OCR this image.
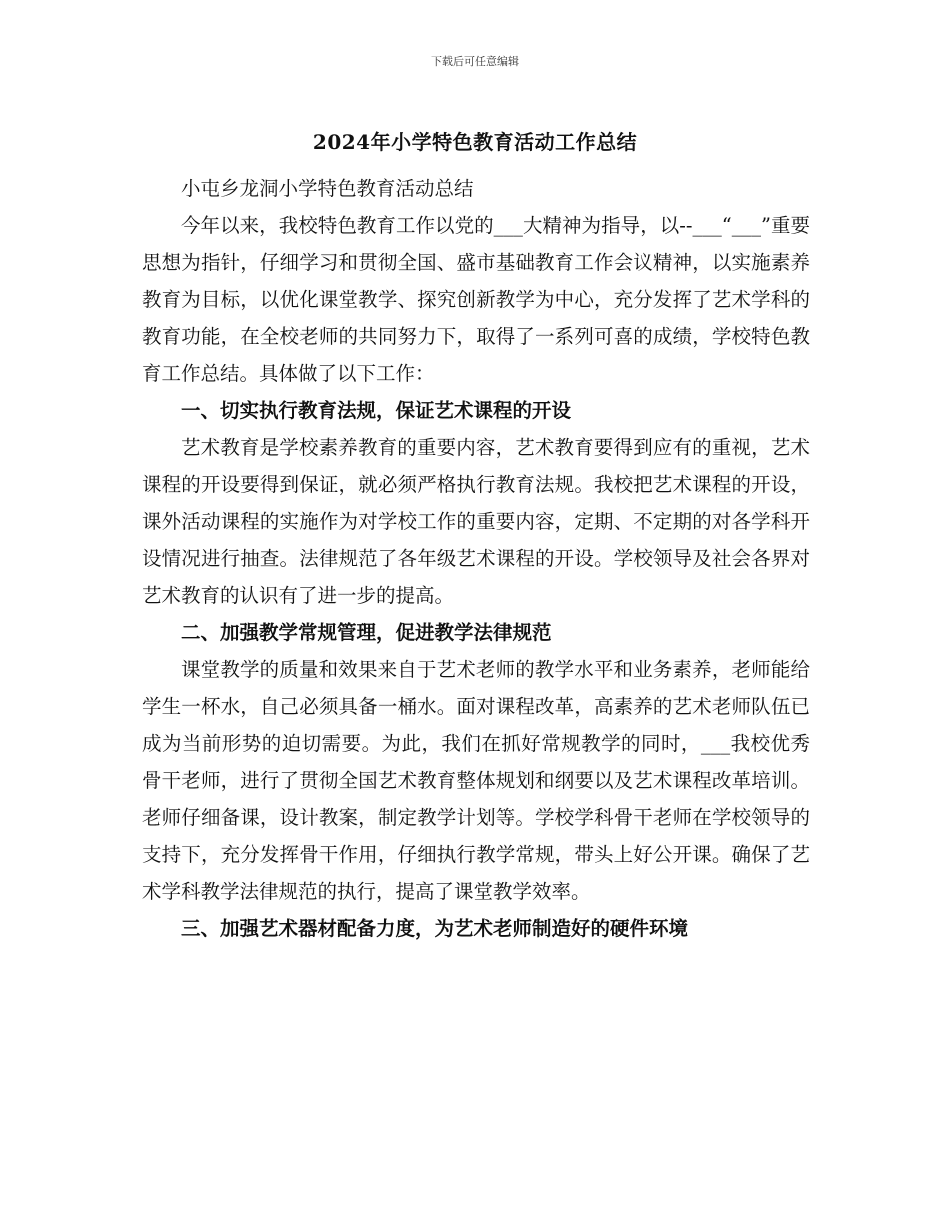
下载后可任意编辑
2024年小学特色教育活动工作总结

小屯乡龙洞小学特色教育活动总结

今年以来，我校特色教育工作以党的___大精神为指导，以--___“___”重要思想为指针，仔细学习和贯彻全国、盛市基础教育工作会议精神，以实施素养教育为目标，以优化课堂教学、探究创新教学为中心，充分发挥了艺术学科的教育功能，在全校老师的共同努力下，取得了一系列可喜的成绩，学校特色教育工作总结。具体做了以下工作：

一、切实执行教育法规，保证艺术课程的开设

艺术教育是学校素养教育的重要内容，艺术教育要得到应有的重视，艺术课程的开设要得到保证，就必须严格执行教育法规。我校把艺术课程的开设，课外活动课程的实施作为对学校工作的重要内容，定期、不定期的对各学科开设情况进行抽查。法律规范了各年级艺术课程的开设。学校领导及社会各界对艺术教育的认识有了进一步的提高。

二、加强教学常规管理，促进教学法律规范

课堂教学的质量和效果来自于艺术老师的教学水平和业务素养，老师能给学生一杯水，自己必须具备一桶水。面对课程改革，高素养的艺术老师队伍已成为当前形势的迫切需要。为此，我们在抓好常规教学的同时，___我校优秀骨干老师，进行了贯彻全国艺术教育整体规划和纲要以及艺术课程改革培训。老师仔细备课，设计教案，制定教学计划等。学校学科骨干老师在学校领导的支持下，充分发挥骨干作用，仔细执行教学常规，带头上好公开课。确保了艺术学科教学法律规范的执行，提高了课堂教学效率。

三、加强艺术器材配备力度，为艺术老师制造好的硬件环境
